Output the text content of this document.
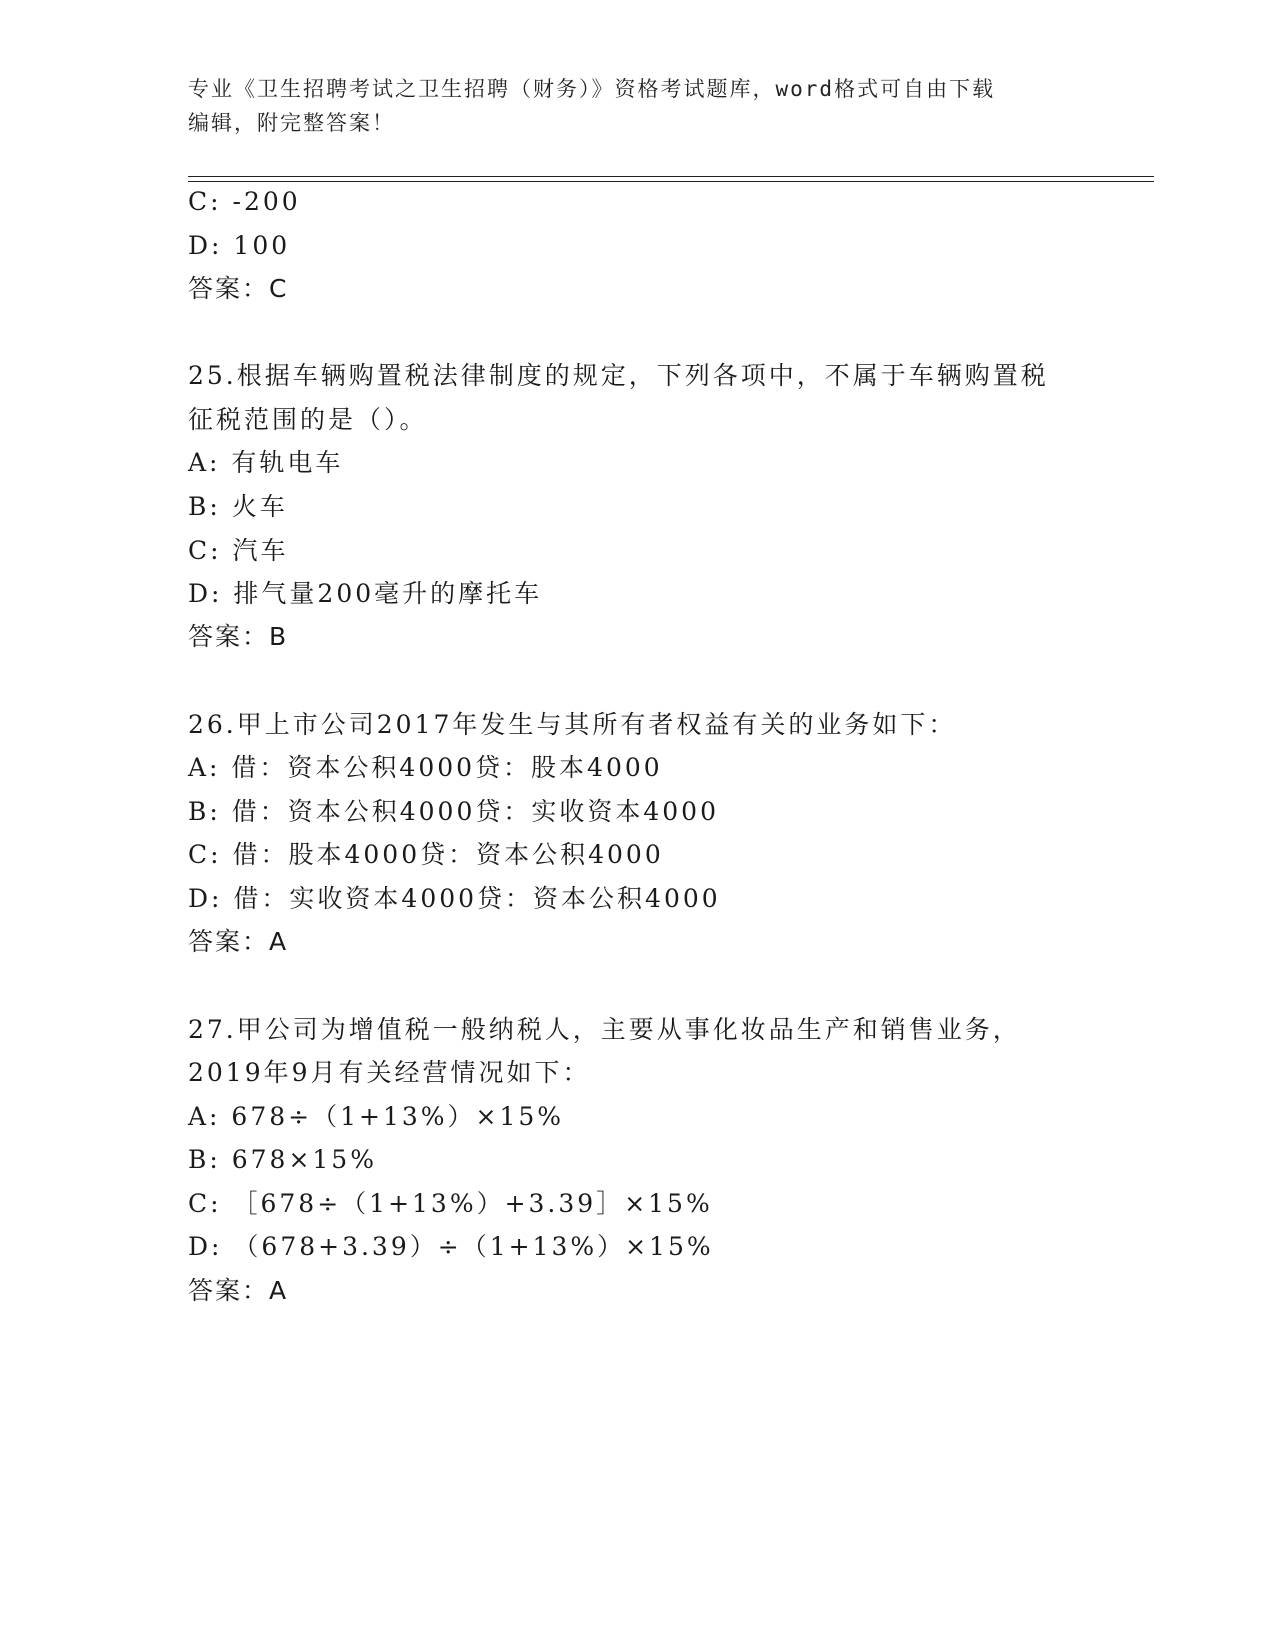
专业《卫生招聘考试之卫生招聘（财务）》资格考试题库，word格式可自由下载
编辑，附完整答案！
C: -200
D: 100
答案：C
25.根据车辆购置税法律制度的规定，下列各项中，不属于车辆购置税
征税范围的是（）。
A: 有轨电车
B: 火车
C: 汽车
D: 排气量200毫升的摩托车
答案：B
26.甲上市公司2017年发生与其所有者权益有关的业务如下：
A: 借：资本公积4000贷：股本4000
B: 借：资本公积4000贷：实收资本4000
C: 借：股本4000贷：资本公积4000
D: 借：实收资本4000贷：资本公积4000
答案：A
27.甲公司为增值税一般纳税人，主要从事化妆品生产和销售业务，
2019年9月有关经营情况如下：
A: 678÷（1+13%）×15%
B: 678×15%
C: ［678÷（1+13%）+3.39］×15%
D: （678+3.39）÷（1+13%）×15%
答案：A
